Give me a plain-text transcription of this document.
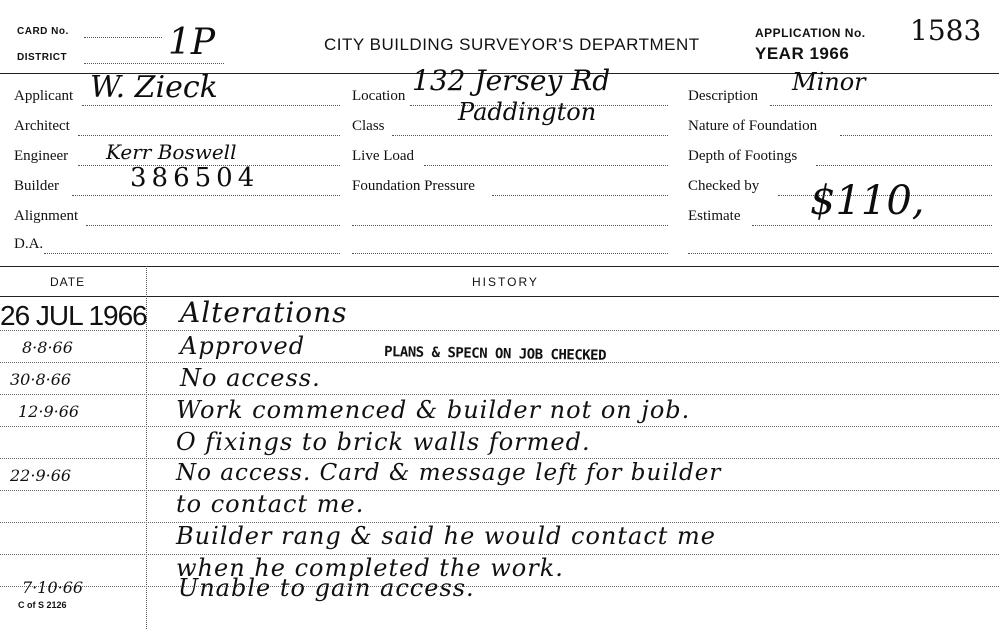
CARD No.
DISTRICT	1P	CITY BUILDING SURVEYOR'S DEPARTMENT
APPLICATION No. 1583
YEAR 1966
Applicant W. Zieck
Architect
Engineer Kerr Boswell
Builder	386504
Alignment
D.A.
Location 132 Jersey Rd
Paddington
Class
Live Load
Foundation Pressure
Description Minor
Nature of Foundation
Depth of Footings
Checked by
Estimate $110,
DATE	HISTORY
26 JUL 1966 Alterations
8·8·66	Approved	PLANS & SPECN ON JOB CHECKED
30·8·66	No access.
12·9·66	Work commenced & builder not on job.
O fixings to brick walls formed.
22·9·66	No access. Card & message left for builder
to contact me.
Builder rang & said he would contact me
when he completed the work.
7·10·66	Unable to gain access.
C of S 2126
